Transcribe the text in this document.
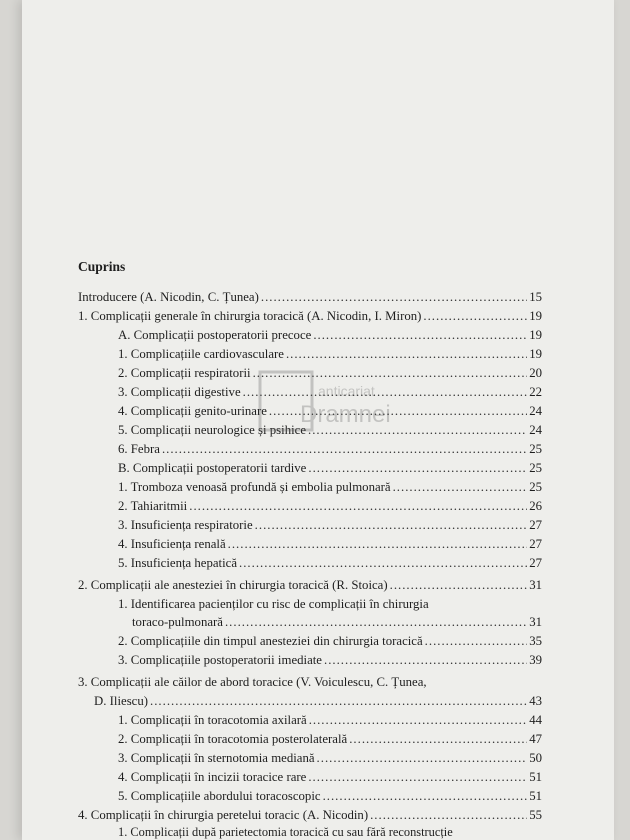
Cuprins
Introducere (A. Nicodin, C. Țunea) .....	15
1. Complicații generale în chirurgia toracică (A. Nicodin, I. Miron) .....	19
A. Complicații postoperatorii precoce .....	19
1. Complicațiile cardiovasculare .....	19
2. Complicații respiratorii .....	20
3. Complicații digestive .....	22
4. Complicații genito-urinare .....	24
5. Complicații neurologice și psihice .....	24
6. Febra .....	25
B. Complicații postoperatorii tardive .....	25
1. Tromboza venoasă profundă și embolia pulmonară .....	25
2. Tahiaritmii .....	26
3. Insuficiența respiratorie .....	27
4. Insuficiența renală .....	27
5. Insuficiența hepatică .....	27
2. Complicații ale anesteziei în chirurgia toracică (R. Stoica) .....	31
1. Identificarea pacienților cu risc de complicații în chirurgia
toraco-pulmonară .....	31
2. Complicațiile din timpul anesteziei din chirurgia toracică .....	35
3. Complicațiile postoperatorii imediate .....	39
3. Complicații ale căilor de abord toracice (V. Voiculescu, C. Țunea,
D. Iliescu) .....	43
1. Complicații în toracotomia axilară .....	44
2. Complicații în toracotomia posterolaterală .....	47
3. Complicații în sternotomia mediană .....	50
4. Complicații în incizii toracice rare .....	51
5. Complicațiile abordului toracoscopic .....	51
4. Complicații în chirurgia peretelui toracic (A. Nicodin) .....	55
1. Complicații după parietectomia toracică cu sau fără reconstrucție
anticariat
Dramnei
